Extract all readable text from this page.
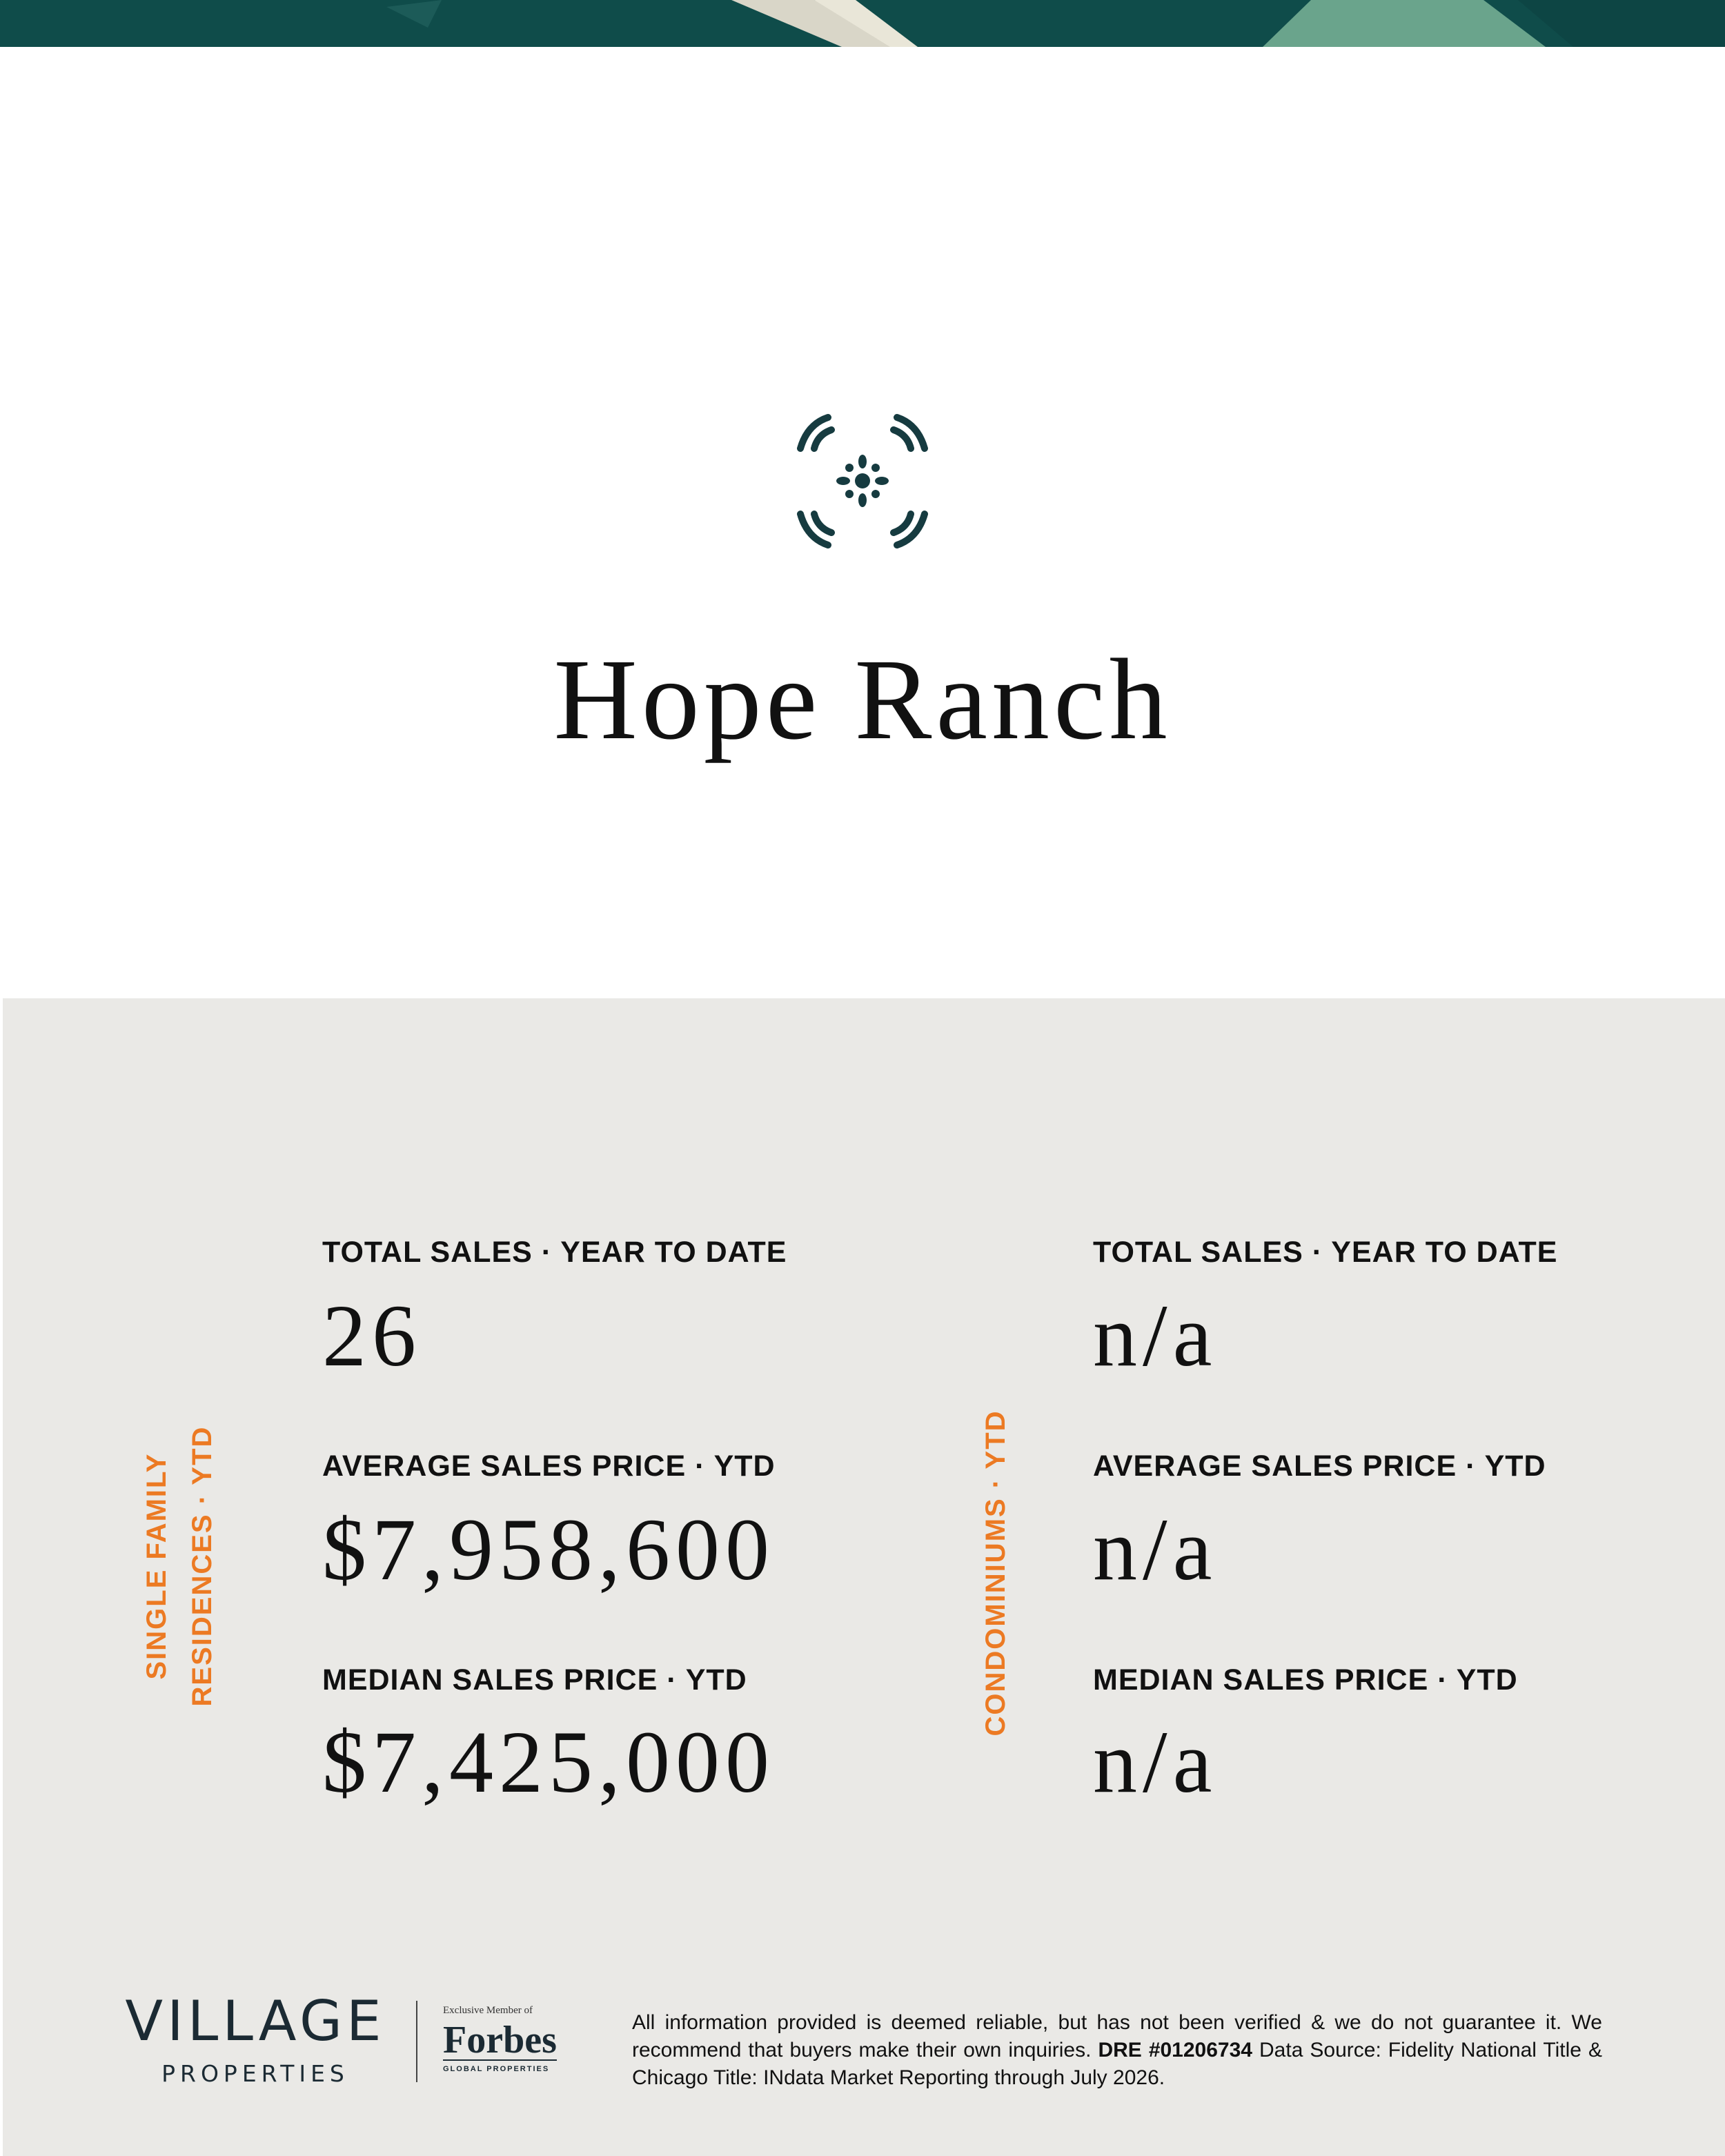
Hope Ranch
SINGLE FAMILY RESIDENCES · YTD
TOTAL SALES · YEAR TO DATE
26
AVERAGE SALES PRICE · YTD
$7,958,600
MEDIAN SALES PRICE · YTD
$7,425,000
CONDOMINIUMS · YTD
TOTAL SALES · YEAR TO DATE
n/a
AVERAGE SALES PRICE · YTD
n/a
MEDIAN SALES PRICE · YTD
n/a
VILLAGE
PROPERTIES
Exclusive Member of
Forbes
GLOBAL PROPERTIES
All information provided is deemed reliable, but has not been verified & we do not guarantee it. We recommend that buyers make their own inquiries. DRE #01206734 Data Source: Fidelity National Title & Chicago Title: INdata Market Reporting through July 2026.
